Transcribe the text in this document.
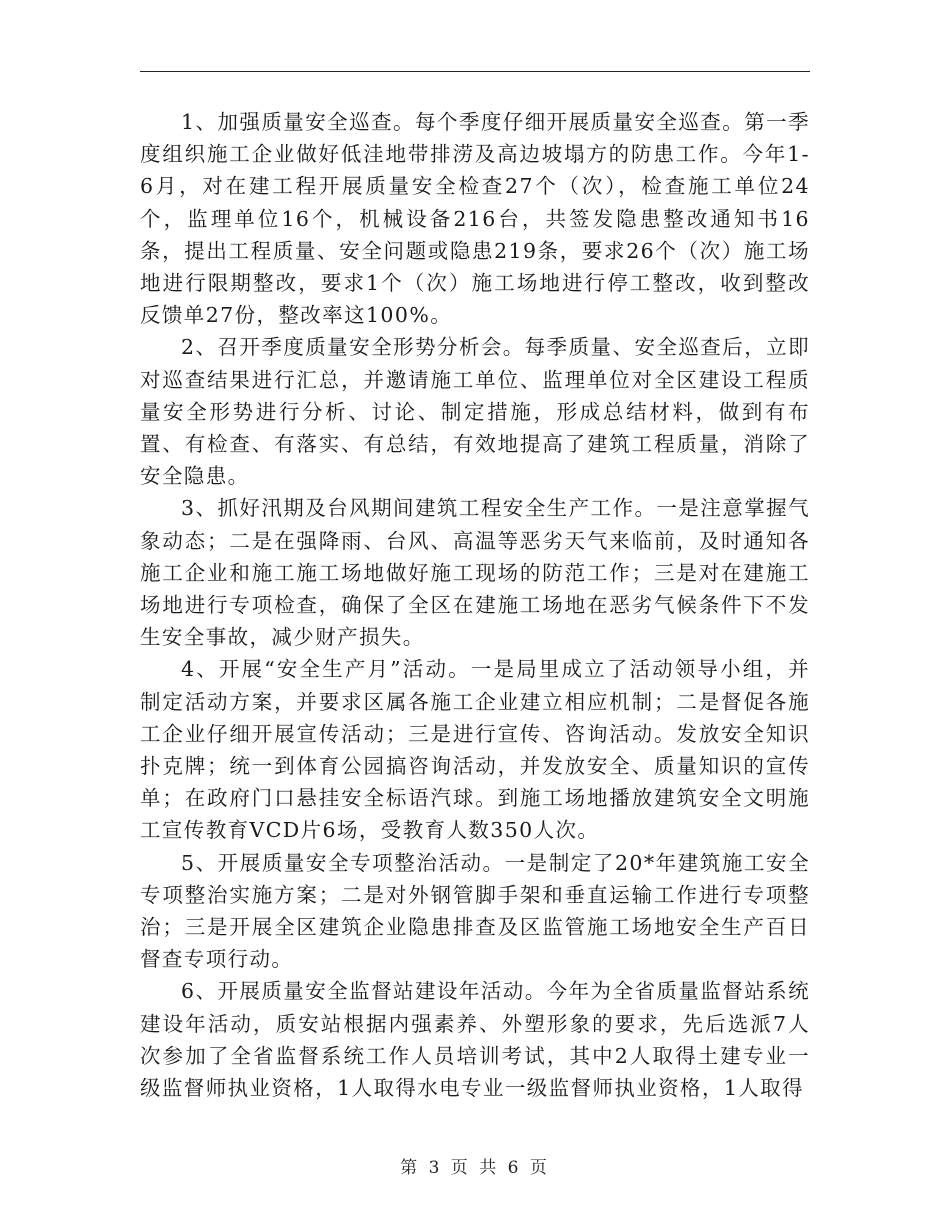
1、加强质量安全巡查。每个季度仔细开展质量安全巡查。第一季度组织施工企业做好低洼地带排涝及高边坡塌方的防患工作。今年1-6月，对在建工程开展质量安全检查27个（次），检查施工单位24个，监理单位16个，机械设备216台，共签发隐患整改通知书16条，提出工程质量、安全问题或隐患219条，要求26个（次）施工场地进行限期整改，要求1个（次）施工场地进行停工整改，收到整改反馈单27份，整改率这100%。

2、召开季度质量安全形势分析会。每季质量、安全巡查后，立即对巡查结果进行汇总，并邀请施工单位、监理单位对全区建设工程质量安全形势进行分析、讨论、制定措施，形成总结材料，做到有布置、有检查、有落实、有总结，有效地提高了建筑工程质量，消除了安全隐患。

3、抓好汛期及台风期间建筑工程安全生产工作。一是注意掌握气象动态；二是在强降雨、台风、高温等恶劣天气来临前，及时通知各施工企业和施工施工场地做好施工现场的防范工作；三是对在建施工场地进行专项检查，确保了全区在建施工场地在恶劣气候条件下不发生安全事故，减少财产损失。

4、开展“安全生产月”活动。一是局里成立了活动领导小组，并制定活动方案，并要求区属各施工企业建立相应机制；二是督促各施工企业仔细开展宣传活动；三是进行宣传、咨询活动。发放安全知识扑克牌；统一到体育公园搞咨询活动，并发放安全、质量知识的宣传单；在政府门口悬挂安全标语汽球。到施工场地播放建筑安全文明施工宣传教育VCD片6场，受教育人数350人次。

5、开展质量安全专项整治活动。一是制定了20*年建筑施工安全专项整治实施方案；二是对外钢管脚手架和垂直运输工作进行专项整治；三是开展全区建筑企业隐患排查及区监管施工场地安全生产百日督查专项行动。

6、开展质量安全监督站建设年活动。今年为全省质量监督站系统建设年活动，质安站根据内强素养、外塑形象的要求，先后选派7人次参加了全省监督系统工作人员培训考试，其中2人取得土建专业一级监督师执业资格，1人取得水电专业一级监督师执业资格，1人取得

第 3 页 共 6 页
